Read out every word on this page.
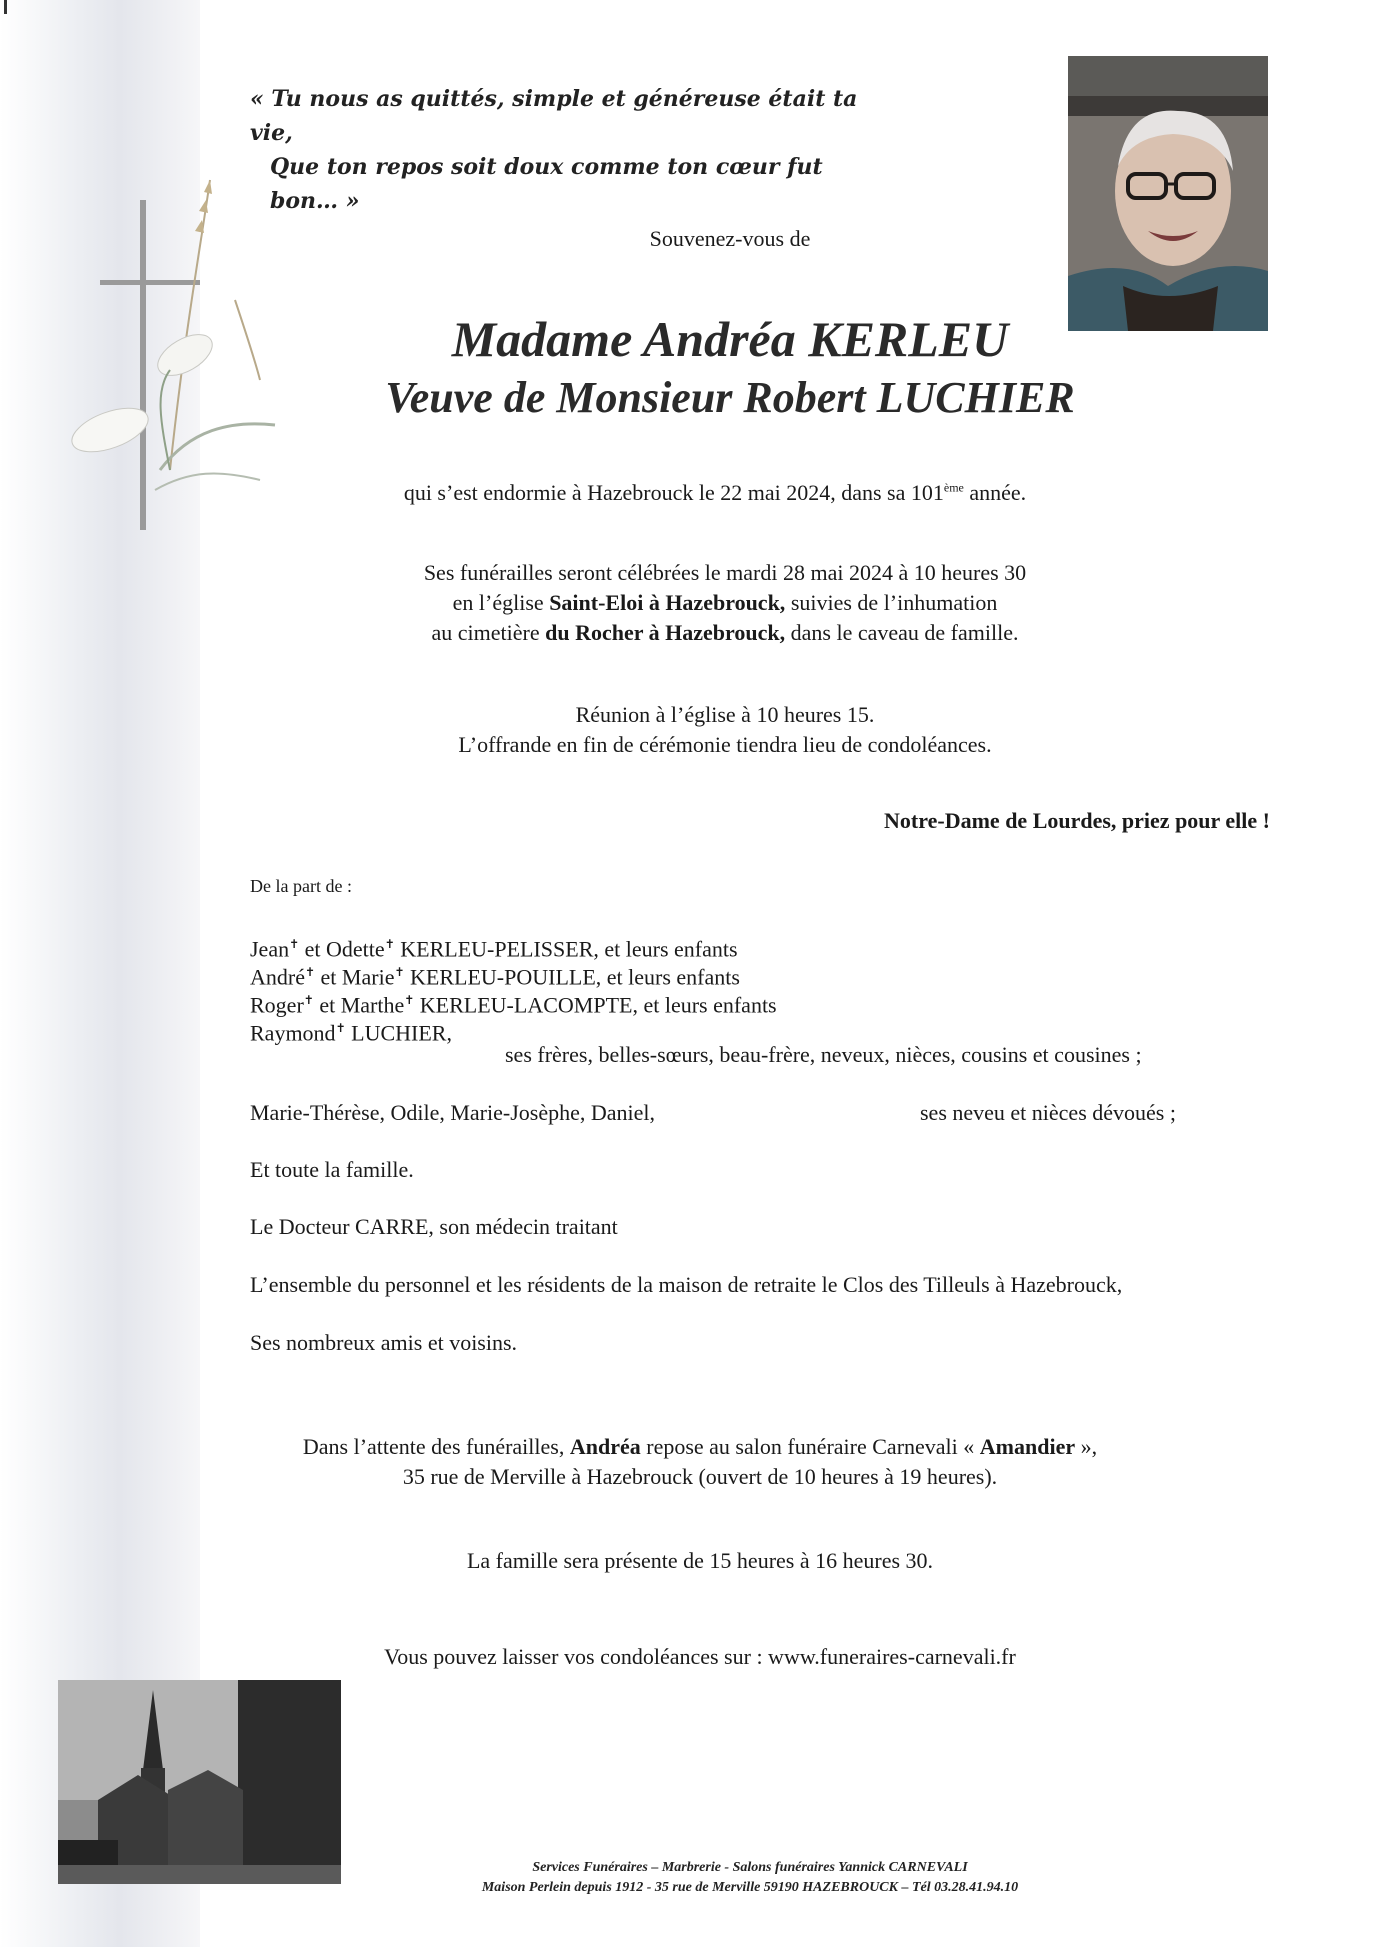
« Tu nous as quittés, simple et généreuse était ta vie,
Que ton repos soit doux comme ton cœur fut bon… »
Souvenez-vous de
Madame Andréa KERLEU
Veuve de Monsieur Robert LUCHIER
qui s’est endormie à Hazebrouck le 22 mai 2024, dans sa 101ème année.
Ses funérailles seront célébrées le mardi 28 mai 2024 à 10 heures 30
en l’église Saint-Eloi à Hazebrouck, suivies de l’inhumation
au cimetière du Rocher à Hazebrouck, dans le caveau de famille.
Réunion à l’église à 10 heures 15.
L’offrande en fin de cérémonie tiendra lieu de condoléances.
Notre-Dame de Lourdes, priez pour elle !
De la part de :
Jean✝ et Odette✝ KERLEU-PELISSER, et leurs enfants
André✝ et Marie✝ KERLEU-POUILLE, et leurs enfants
Roger✝ et Marthe✝ KERLEU-LACOMPTE, et leurs enfants
Raymond✝ LUCHIER,
ses frères, belles-sœurs, beau-frère, neveux, nièces, cousins et cousines ;
Marie-Thérèse, Odile, Marie-Josèphe, Daniel,	ses neveu et nièces dévoués ;
Et toute la famille.
Le Docteur CARRE, son médecin traitant
L’ensemble du personnel et les résidents de la maison de retraite le Clos des Tilleuls à Hazebrouck,
Ses nombreux amis et voisins.
Dans l’attente des funérailles, Andréa repose au salon funéraire Carnevali « Amandier »,
35 rue de Merville à Hazebrouck (ouvert de 10 heures à 19 heures).
La famille sera présente de 15 heures à 16 heures 30.
Vous pouvez laisser vos condoléances sur : www.funeraires-carnevali.fr
Services Funéraires – Marbrerie - Salons funéraires Yannick CARNEVALI
Maison Perlein depuis 1912 - 35 rue de Merville 59190 HAZEBROUCK – Tél 03.28.41.94.10
